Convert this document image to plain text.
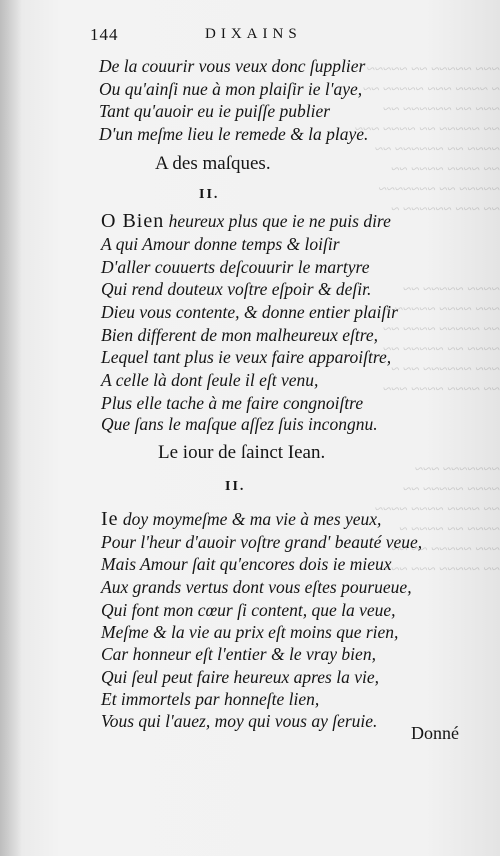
~~~ ~~~~~ ~~ ~~~~~
~ ~~~~ ~~~ ~~~~~ ~~
~~~ ~~ ~~~~~~ ~~
~~ ~~~~~ ~~ ~~~~ ~~~
~~~~ ~~ ~~~~~~ ~~
~~ ~~~~ ~~~~ ~~
~~~~~ ~~ ~~~~~~~
~~ ~~~ ~~~~~~ ~
~~~~ ~~~~~ ~~
~~~ ~~~~ ~~~~~ ~
~~ ~~~~~ ~~~~ ~~
~~~~ ~~ ~~~~~ ~~
~~~ ~~~~~~ ~~ ~
~~ ~~~~ ~~~~ ~~~
~~~~~~~ ~~~
~~~~ ~~~~~ ~~
~~ ~~~~ ~~~~ ~~~~
~~~~ ~~ ~~~~ ~
~~~ ~~~~~ ~~ ~~
~~ ~~~~~ ~~~ ~~~
144	DIXAINS
De la couurir vous veux donc ſupplier
Ou qu'ainſi nue à mon plaiſir ie l'aye,
Tant qu'auoir eu ie puiſſe publier
D'un meſme lieu le remede & la playe.
A des maſques.
II.
O Bien heureux plus que ie ne puis dire
A qui Amour donne temps & loiſir
D'aller couuerts deſcouurir le martyre
Qui rend douteux voſtre eſpoir & deſir.
Dieu vous contente, & donne entier plaiſir
Bien different de mon malheureux eſtre,
Lequel tant plus ie veux faire apparoiſtre,
A celle là dont ſeule il eſt venu,
Plus elle tache à me faire congnoiſtre
Que ſans le maſque aſſez ſuis incongnu.
Le iour de ſainct Iean.
II.
Ie doy moymeſme & ma vie à mes yeux,
Pour l'heur d'auoir voſtre grand' beauté veue,
Mais Amour ſait qu'encores dois ie mieux
Aux grands vertus dont vous eſtes pourueue,
Qui font mon cœur ſi content, que la veue,
Meſme & la vie au prix eſt moins que rien,
Car honneur eſt l'entier & le vray bien,
Qui ſeul peut faire heureux apres la vie,
Et immortels par honneſte lien,
Vous qui l'auez, moy qui vous ay ſeruie.
Donné
